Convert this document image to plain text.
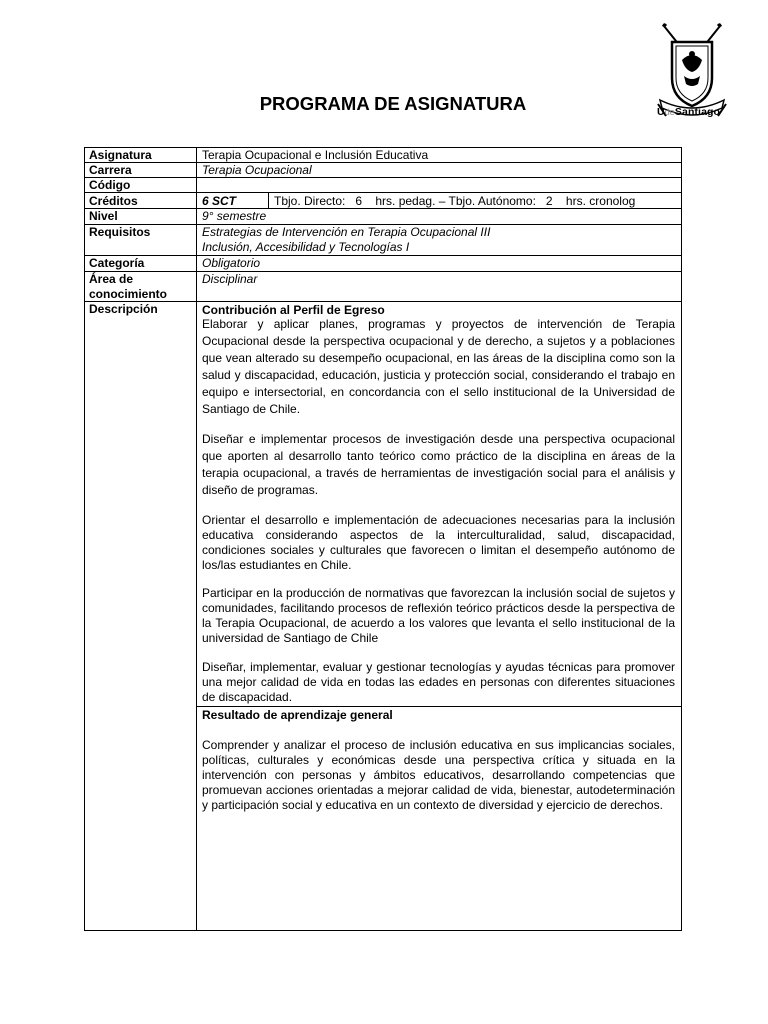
PROGRAMA DE ASIGNATURA	UdeSantiago
Asignatura
Carrera
Código
Créditos
Nivel
Requisitos
Categoría
Área de
conocimiento
Descripción
Terapia Ocupacional e Inclusión Educativa
Terapia Ocupacional
6 SCT	Tbjo. Directo:   6    hrs. pedag. – Tbjo. Autónomo:   2    hrs. cronolog
9° semestre
Estrategias de Intervención en Terapia Ocupacional III
Inclusión, Accesibilidad y Tecnologías I
Obligatorio
Disciplinar
Contribución al Perfil de Egreso
Elaborar y aplicar planes, programas y proyectos de intervención de Terapia Ocupacional desde la perspectiva ocupacional y de derecho, a sujetos y a poblaciones que vean alterado su desempeño ocupacional, en las áreas de la disciplina como son la salud y discapacidad, educación, justicia y protección social, considerando el trabajo en equipo e intersectorial, en concordancia con el sello institucional de la Universidad de Santiago de Chile.
Diseñar e implementar procesos de investigación desde una perspectiva ocupacional que aporten al desarrollo tanto teórico como práctico de la disciplina en áreas de la terapia ocupacional, a través de herramientas de investigación social para el análisis y diseño de programas.
Orientar el desarrollo e implementación de adecuaciones necesarias para la inclusión educativa considerando aspectos de la interculturalidad, salud, discapacidad, condiciones sociales y culturales que favorecen o limitan el desempeño autónomo de los/las estudiantes en Chile.
Participar en la producción de normativas que favorezcan la inclusión social de sujetos y comunidades, facilitando procesos de reflexión teórico prácticos desde la perspectiva de la Terapia Ocupacional, de acuerdo a los valores que levanta el sello institucional de la universidad de Santiago de Chile
Diseñar, implementar, evaluar y gestionar tecnologías y ayudas técnicas para promover una mejor calidad de vida en todas las edades en personas con diferentes situaciones de discapacidad.
Resultado de aprendizaje general
Comprender y analizar el proceso de inclusión educativa en sus implicancias sociales, políticas, culturales y económicas desde una perspectiva crítica y situada en la intervención con personas y ámbitos educativos, desarrollando competencias que promuevan acciones orientadas a mejorar calidad de vida, bienestar, autodeterminación y participación social y educativa en un contexto de diversidad y ejercicio de derechos.
